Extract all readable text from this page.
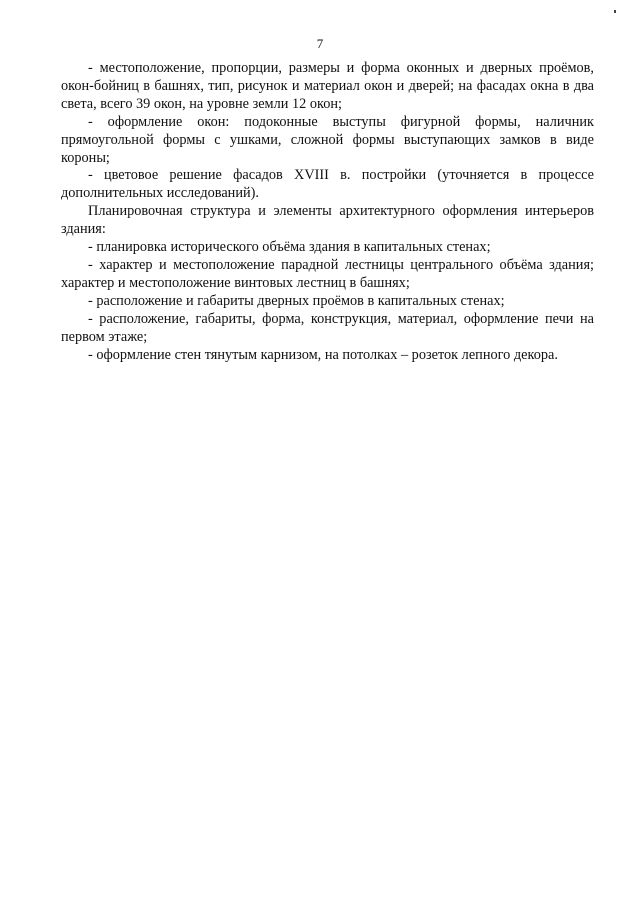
7

- местоположение, пропорции, размеры и форма оконных и дверных проёмов, окон-бойниц в башнях, тип, рисунок и материал окон и дверей; на фасадах окна в два света, всего 39 окон, на уровне земли 12 окон;

- оформление окон: подоконные выступы фигурной формы, наличник прямоугольной формы с ушками, сложной формы выступающих замков в виде короны;

- цветовое решение фасадов XVIII в. постройки (уточняется в процессе дополнительных исследований).

Планировочная структура и элементы архитектурного оформления интерьеров здания:

- планировка исторического объёма здания в капитальных стенах;

- характер и местоположение парадной лестницы центрального объёма здания; характер и местоположение винтовых лестниц в башнях;

- расположение и габариты дверных проёмов в капитальных стенах;

- расположение, габариты, форма, конструкция, материал, оформление печи на первом этаже;

- оформление стен тянутым карнизом, на потолках – розеток лепного декора.
